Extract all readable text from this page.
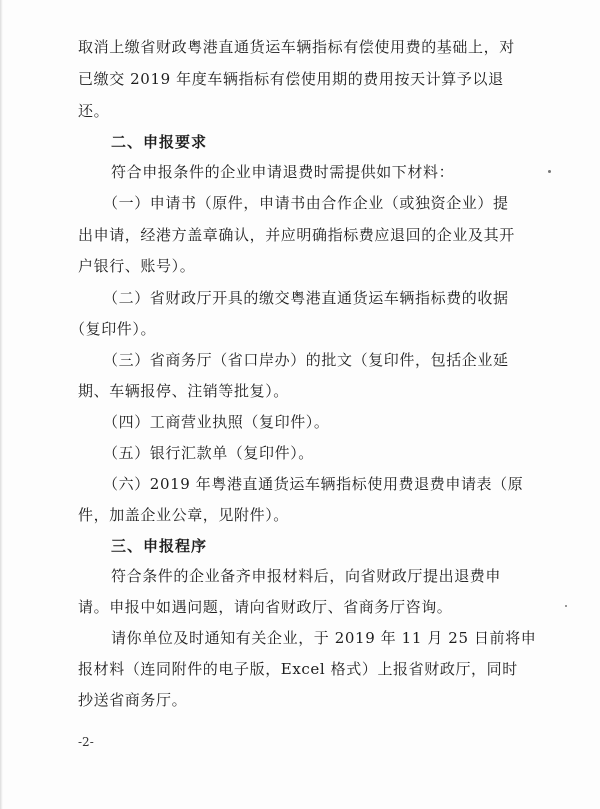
取消上缴省财政粤港直通货运车辆指标有偿使用费的基础上，对
已缴交 2019 年度车辆指标有偿使用期的费用按天计算予以退
还。
二、申报要求
符合申报条件的企业申请退费时需提供如下材料：
（一）申请书（原件，申请书由合作企业（或独资企业）提
出申请，经港方盖章确认，并应明确指标费应退回的企业及其开
户银行、账号）。
（二）省财政厅开具的缴交粤港直通货运车辆指标费的收据
（复印件）。
（三）省商务厅（省口岸办）的批文（复印件，包括企业延
期、车辆报停、注销等批复）。
（四）工商营业执照（复印件）。
（五）银行汇款单（复印件）。
（六）2019 年粤港直通货运车辆指标使用费退费申请表（原
件，加盖企业公章，见附件）。
三、申报程序
符合条件的企业备齐申报材料后，向省财政厅提出退费申
请。申报中如遇问题，请向省财政厅、省商务厅咨询。
请你单位及时通知有关企业，于 2019 年 11 月 25 日前将申
报材料（连同附件的电子版，Excel 格式）上报省财政厅，同时
抄送省商务厅。
-2-
